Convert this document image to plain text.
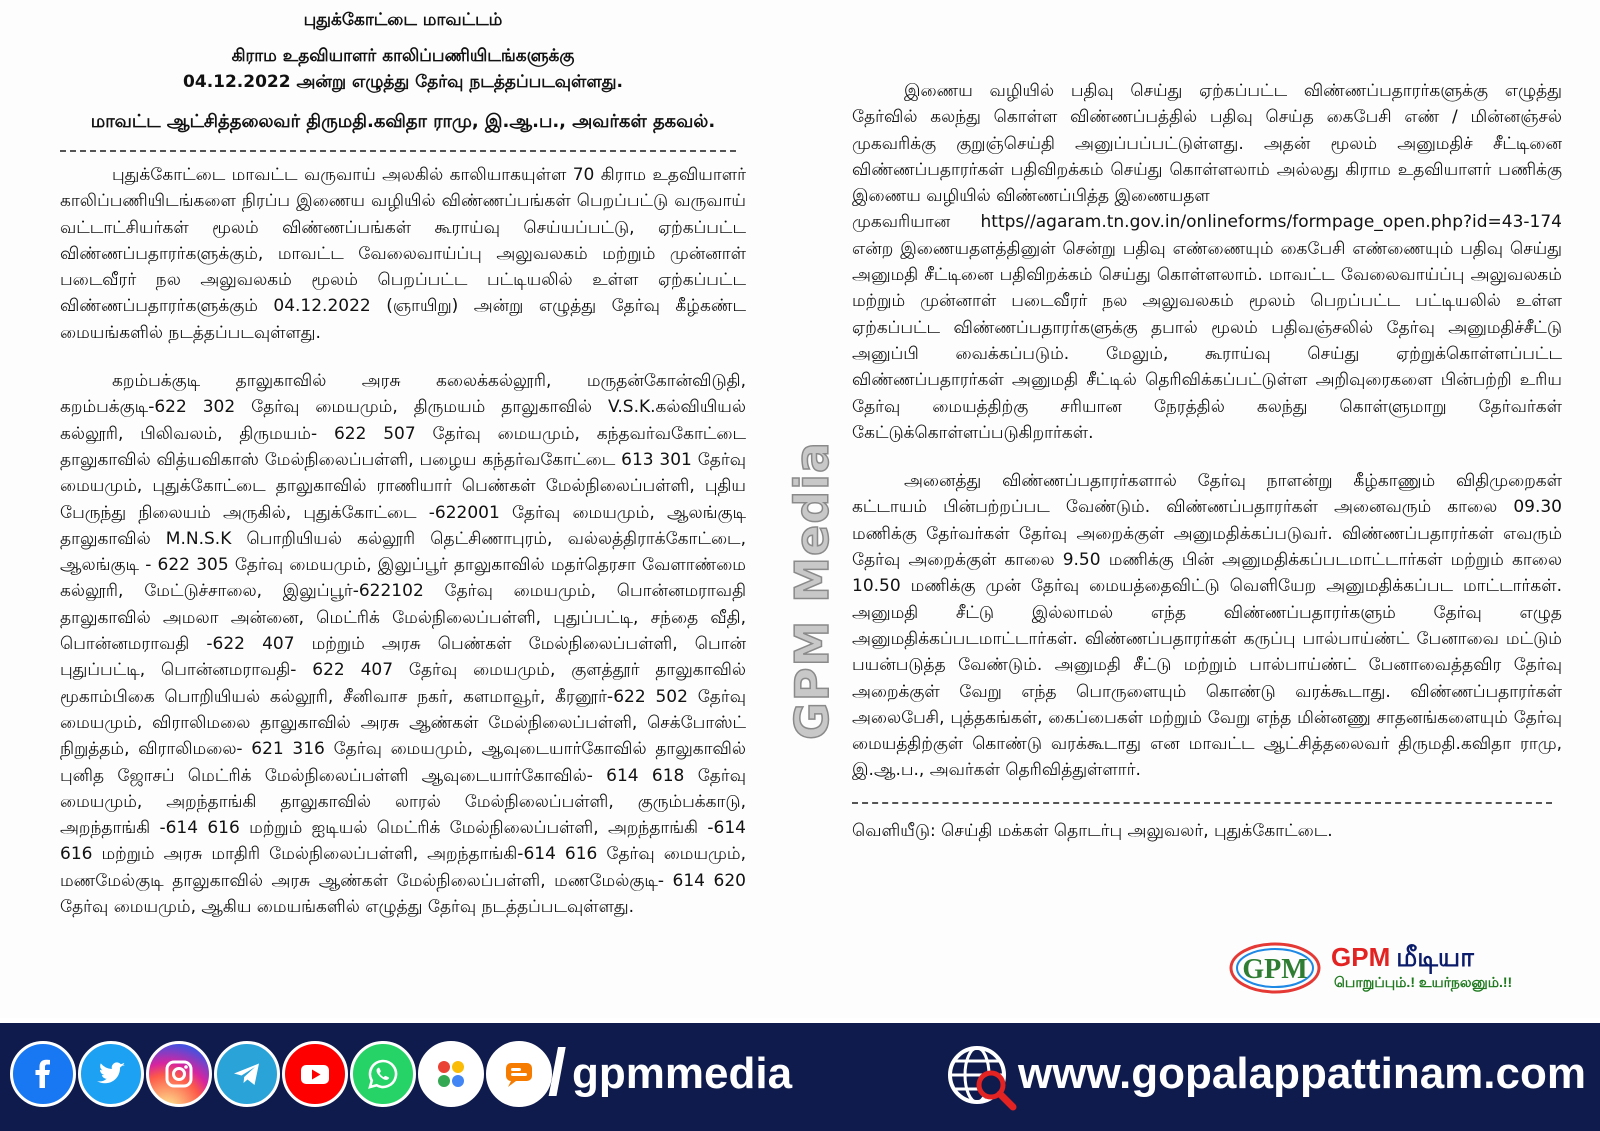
புதுக்கோட்டை மாவட்டம்
கிராம உதவியாளர் காலிப்பணியிடங்களுக்கு
04.12.2022 அன்று எழுத்து தேர்வு நடத்தப்படவுள்ளது.
மாவட்ட ஆட்சித்தலைவர் திருமதி.கவிதா ராமு, இ.ஆ.ப., அவர்கள் தகவல்.

புதுக்கோட்டை மாவட்ட வருவாய் அலகில் காலியாகயுள்ள 70 கிராம உதவியாளர் காலிப்பணியிடங்களை நிரப்ப இணைய வழியில் விண்ணப்பங்கள் பெறப்பட்டு வருவாய் வட்டாட்சியர்கள் மூலம் விண்ணப்பங்கள் கூராய்வு செய்யப்பட்டு, ஏற்கப்பட்ட விண்ணப்பதாரர்களுக்கும், மாவட்ட வேலைவாய்ப்பு அலுவலகம் மற்றும் முன்னாள் படைவீரர் நல அலுவலகம் மூலம் பெறப்பட்ட பட்டியலில் உள்ள ஏற்கப்பட்ட விண்ணப்பதாரர்களுக்கும் 04.12.2022 (ஞாயிறு) அன்று எழுத்து தேர்வு கீழ்கண்ட மையங்களில் நடத்தப்படவுள்ளது.

கறம்பக்குடி தாலுகாவில் அரசு கலைக்கல்லூரி, மருதன்கோன்விடுதி, கறம்பக்குடி-622 302 தேர்வு மையமும், திருமயம் தாலுகாவில் V.S.K.கல்வியியல் கல்லூரி, பிலிவலம், திருமயம்- 622 507 தேர்வு மையமும், கந்தவர்வகோட்டை தாலுகாவில் வித்யவிகாஸ் மேல்நிலைப்பள்ளி, பழைய கந்தர்வகோட்டை 613 301 தேர்வு மையமும், புதுக்கோட்டை தாலுகாவில் ராணியார் பெண்கள் மேல்நிலைப்பள்ளி, புதிய பேருந்து நிலையம் அருகில், புதுக்கோட்டை -622001 தேர்வு மையமும், ஆலங்குடி தாலுகாவில் M.N.S.K பொறியியல் கல்லூரி தெட்சிணாபுரம், வல்லத்திராக்கோட்டை, ஆலங்குடி - 622 305 தேர்வு மையமும், இலுப்பூர் தாலுகாவில் மதர்தெரசா வேளாண்மை கல்லூரி, மேட்டுச்சாலை, இலுப்பூர்-622102 தேர்வு மையமும், பொன்னமராவதி தாலுகாவில் அமலா அன்னை, மெட்ரிக் மேல்நிலைப்பள்ளி, புதுப்பட்டி, சந்தை வீதி, பொன்னமராவதி -622 407 மற்றும் அரசு பெண்கள் மேல்நிலைப்பள்ளி, பொன் புதுப்பட்டி, பொன்னமராவதி- 622 407 தேர்வு மையமும், குளத்தூர் தாலுகாவில் மூகாம்பிகை பொறியியல் கல்லூரி, சீனிவாச நகர், களமாவூர், கீரனூர்-622 502 தேர்வு மையமும், விராலிமலை தாலுகாவில் அரசு ஆண்கள் மேல்நிலைப்பள்ளி, செக்போஸ்ட் நிறுத்தம், விராலிமலை- 621 316 தேர்வு மையமும், ஆவுடையார்கோவில் தாலுகாவில் புனித ஜோசப் மெட்ரிக் மேல்நிலைப்பள்ளி ஆவுடையார்கோவில்- 614 618 தேர்வு மையமும், அறந்தாங்கி தாலுகாவில் லாரல் மேல்நிலைப்பள்ளி, குரும்பக்காடு, அறந்தாங்கி -614 616 மற்றும் ஐடியல் மெட்ரிக் மேல்நிலைப்பள்ளி, அறந்தாங்கி -614 616 மற்றும் அரசு மாதிரி மேல்நிலைப்பள்ளி, அறந்தாங்கி-614 616 தேர்வு மையமும், மணமேல்குடி தாலுகாவில் அரசு ஆண்கள் மேல்நிலைப்பள்ளி, மணமேல்குடி- 614 620 தேர்வு மையமும், ஆகிய மையங்களில் எழுத்து தேர்வு நடத்தப்படவுள்ளது.

GPM Media

இணைய வழியில் பதிவு செய்து ஏற்கப்பட்ட விண்ணப்பதாரர்களுக்கு எழுத்து தேர்வில் கலந்து கொள்ள விண்ணப்பத்தில் பதிவு செய்த கைபேசி எண் / மின்னஞ்சல் முகவரிக்கு குறுஞ்செய்தி அனுப்பப்பட்டுள்ளது. அதன் மூலம் அனுமதிச் சீட்டினை விண்ணப்பதாரர்கள் பதிவிறக்கம் செய்து கொள்ளலாம் அல்லது கிராம உதவியாளர் பணிக்கு இணைய வழியில் விண்ணப்பித்த இணையதள

முகவரியான https//agaram.tn.gov.in/onlineforms/formpage_open.php?id=43-174

என்ற இணையதளத்தினுள் சென்று பதிவு எண்ணையும் கைபேசி எண்ணையும் பதிவு செய்து அனுமதி சீட்டினை பதிவிறக்கம் செய்து கொள்ளலாம். மாவட்ட வேலைவாய்ப்பு அலுவலகம் மற்றும் முன்னாள் படைவீரர் நல அலுவலகம் மூலம் பெறப்பட்ட பட்டியலில் உள்ள ஏற்கப்பட்ட விண்ணப்பதாரர்களுக்கு தபால் மூலம் பதிவஞ்சலில் தேர்வு அனுமதிச்சீட்டு அனுப்பி வைக்கப்படும். மேலும், கூராய்வு செய்து ஏற்றுக்கொள்ளப்பட்ட விண்ணப்பதாரர்கள் அனுமதி சீட்டில் தெரிவிக்கப்பட்டுள்ள அறிவுரைகளை பின்பற்றி உரிய தேர்வு மையத்திற்கு சரியான நேரத்தில் கலந்து கொள்ளுமாறு தேர்வர்கள் கேட்டுக்கொள்ளப்படுகிறார்கள்.

அனைத்து விண்ணப்பதாரர்களால் தேர்வு நாளன்று கீழ்காணும் விதிமுறைகள் கட்டாயம் பின்பற்றப்பட வேண்டும். விண்ணப்பதாரர்கள் அனைவரும் காலை 09.30 மணிக்கு தேர்வர்கள் தேர்வு அறைக்குள் அனுமதிக்கப்படுவர். விண்ணப்பதாரர்கள் எவரும் தேர்வு அறைக்குள் காலை 9.50 மணிக்கு பின் அனுமதிக்கப்படமாட்டார்கள் மற்றும் காலை 10.50 மணிக்கு முன் தேர்வு மையத்தைவிட்டு வெளியேற அனுமதிக்கப்பட மாட்டார்கள். அனுமதி சீட்டு இல்லாமல் எந்த விண்ணப்பதாரர்களும் தேர்வு எழுத அனுமதிக்கப்படமாட்டார்கள். விண்ணப்பதாரர்கள் கருப்பு பால்பாய்ண்ட் பேனாவை மட்டும் பயன்படுத்த வேண்டும். அனுமதி சீட்டு மற்றும் பால்பாய்ண்ட் பேனாவைத்தவிர தேர்வு அறைக்குள் வேறு எந்த பொருளையும் கொண்டு வரக்கூடாது. விண்ணப்பதாரர்கள் அலைபேசி, புத்தகங்கள், கைப்பைகள் மற்றும் வேறு எந்த மின்னணு சாதனங்களையும் தேர்வு மையத்திற்குள் கொண்டு வரக்கூடாது என மாவட்ட ஆட்சித்தலைவர் திருமதி.கவிதா ராமு, இ.ஆ.ப., அவர்கள் தெரிவித்துள்ளார்.

வெளியீடு: செய்தி மக்கள் தொடர்பு அலுவலர், புதுக்கோட்டை.
GPM GPM மீடியா
பொறுப்பும்.! உயர்நலனும்.!!
/ gpmmedia	www.gopalappattinam.com
